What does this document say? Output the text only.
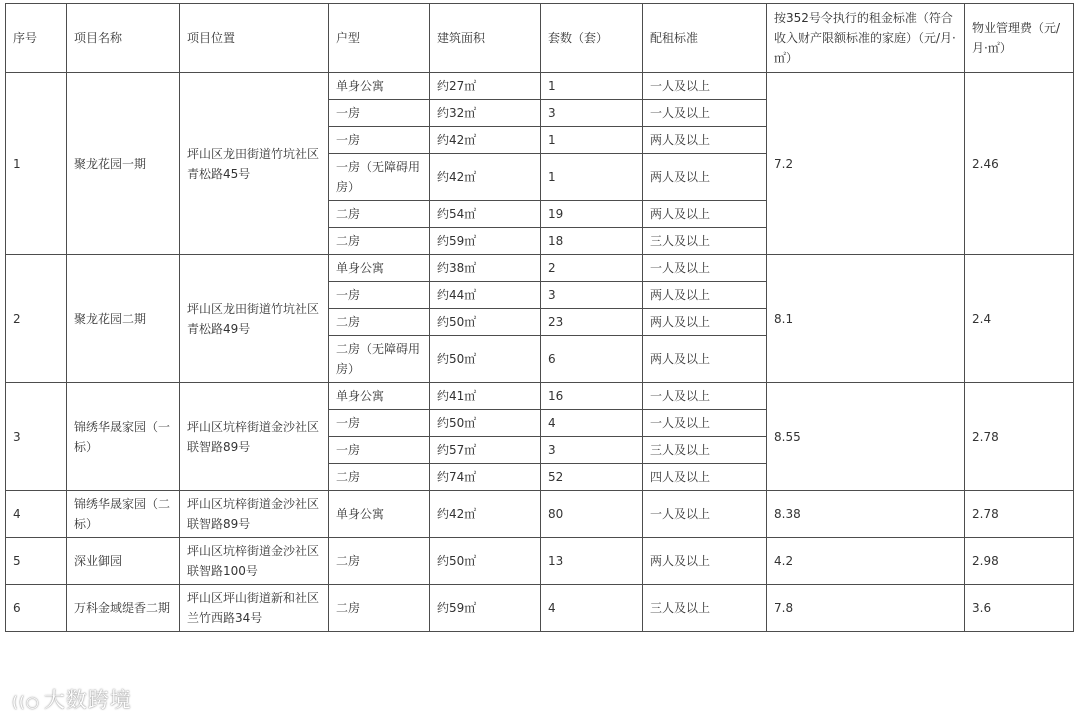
序号	项目名称	项目位置	户型	建筑面积	套数（套）	配租标准	按352号令执行的租金标准（符合收入财产限额标准的家庭）（元/月·㎡）	物业管理费（元/月·㎡）
1	聚龙花园一期	坪山区龙田街道竹坑社区青松路45号	单身公寓	约27㎡	1	一人及以上	7.2	2.46
			一房	约32㎡	3	一人及以上		
			一房	约42㎡	1	两人及以上		
			一房（无障碍用房）	约42㎡	1	两人及以上		
			二房	约54㎡	19	两人及以上		
			二房	约59㎡	18	三人及以上		
2	聚龙花园二期	坪山区龙田街道竹坑社区青松路49号	单身公寓	约38㎡	2	一人及以上	8.1	2.4
			一房	约44㎡	3	两人及以上		
			二房	约50㎡	23	两人及以上		
			二房（无障碍用房）	约50㎡	6	两人及以上		
3	锦绣华晟家园（一标）	坪山区坑梓街道金沙社区联智路89号	单身公寓	约41㎡	16	一人及以上	8.55	2.78
			一房	约50㎡	4	一人及以上		
			一房	约57㎡	3	三人及以上		
			二房	约74㎡	52	四人及以上		
4	锦绣华晟家园（二标）	坪山区坑梓街道金沙社区联智路89号	单身公寓	约42㎡	80	一人及以上	8.38	2.78
5	深业御园	坪山区坑梓街道金沙社区联智路100号	二房	约50㎡	13	两人及以上	4.2	2.98
6	万科金域缇香二期	坪山区坪山街道新和社区兰竹西路34号	二房	约59㎡	4	三人及以上	7.8	3.6
((○ 大数跨境
